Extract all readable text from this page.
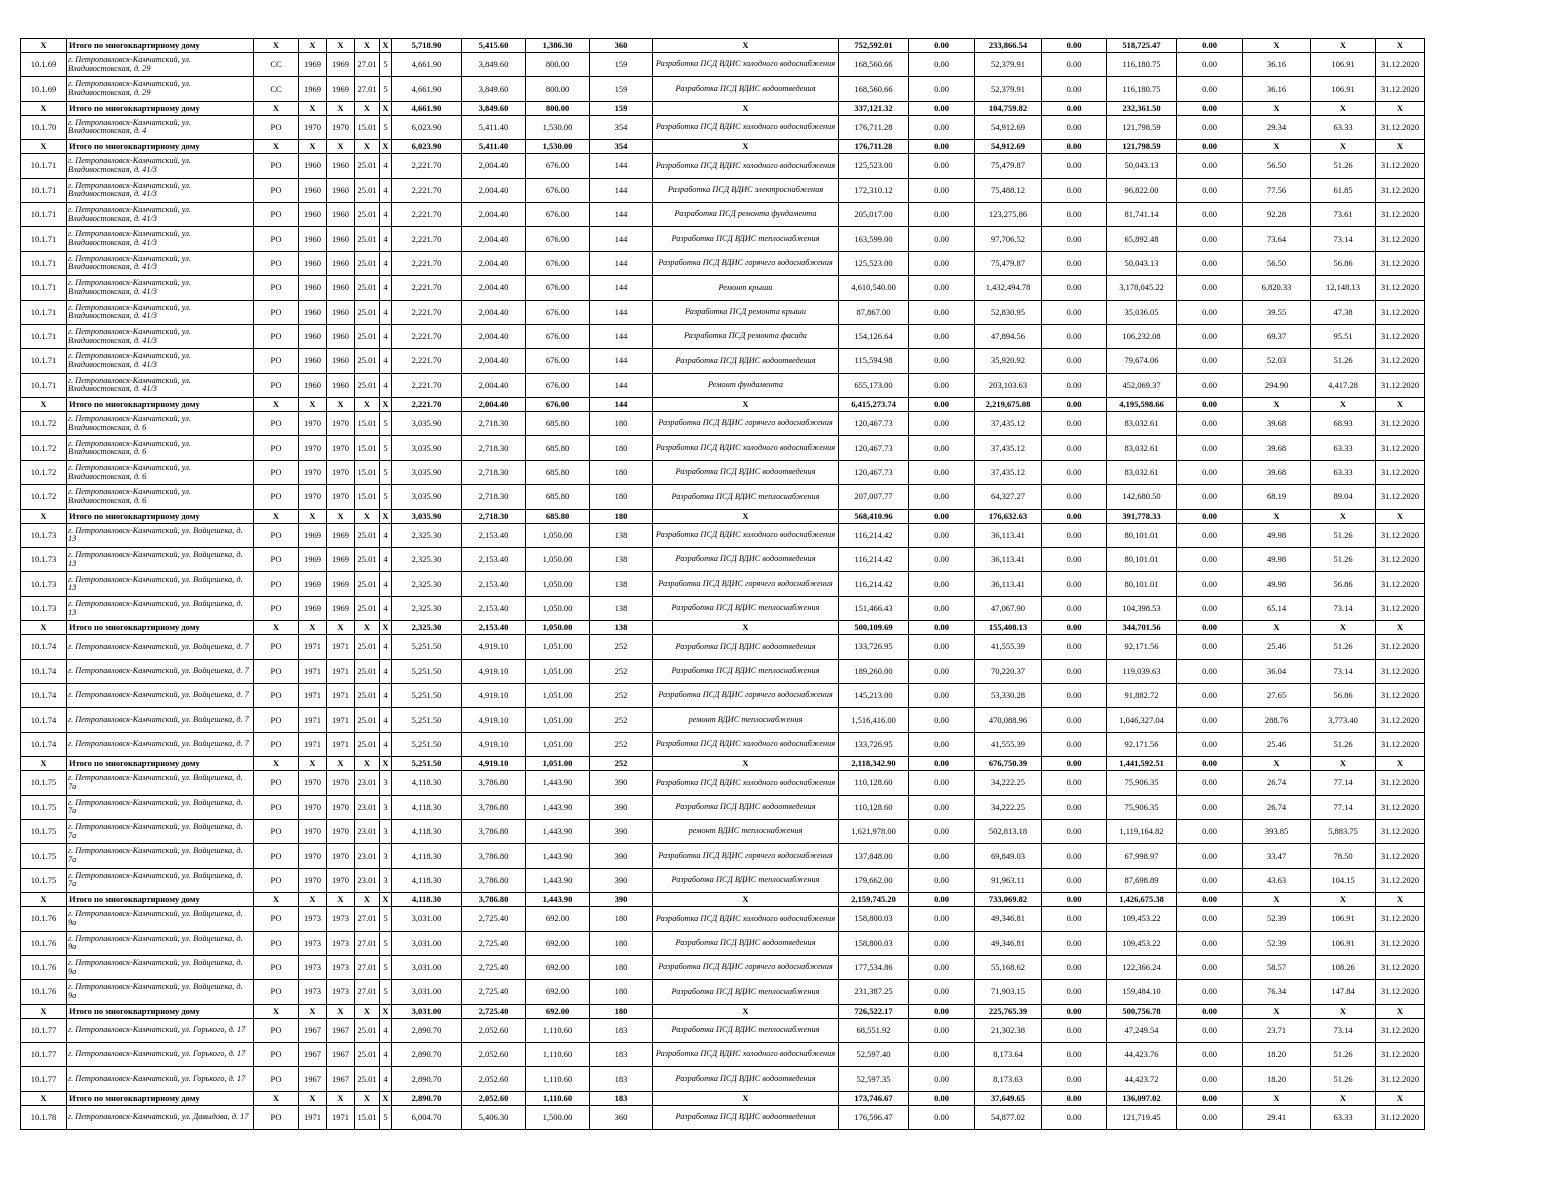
X	Итого по многоквартирному дому	X	X	X	X	X	5,718.90	5,415.60	1,386.30	360	X	752,592.01	0.00	233,866.54	0.00	518,725.47	0.00	X	X	X
10.1.69	г. Петропавловск-Камчатский, ул. Владивостокская, д. 29	СС	1969	1969	27.01	5	4,661.90	3,849.60	800.00	159	Разработка ПСД ВДИС холодного водоснабжения	168,560.66	0.00	52,379.91	0.00	116,180.75	0.00	36.16	106.91	31.12.2020
10.1.69	г. Петропавловск-Камчатский, ул. Владивостокская, д. 29	СС	1969	1969	27.01	5	4,661.90	3,849.60	800.00	159	Разработка ПСД ВДИС водоотведения	168,560.66	0.00	52,379.91	0.00	116,180.75	0.00	36.16	106.91	31.12.2020
X	Итого по многоквартирному дому	X	X	X	X	X	4,661.90	3,849.60	800.00	159	X	337,121.32	0.00	104,759.82	0.00	232,361.50	0.00	X	X	X
10.1.70	г. Петропавловск-Камчатский, ул. Владивостокская, д. 4	РО	1970	1970	15.01	5	6,023.90	5,411.40	1,530.00	354	Разработка ПСД ВДИС холодного водоснабжения	176,711.28	0.00	54,912.69	0.00	121,798.59	0.00	29.34	63.33	31.12.2020
X	Итого по многоквартирному дому	X	X	X	X	X	6,023.90	5,411.40	1,530.00	354	X	176,711.28	0.00	54,912.69	0.00	121,798.59	0.00	X	X	X
10.1.71	г. Петропавловск-Камчатский, ул. Владивостокская, д. 41/3	РО	1960	1960	25.01	4	2,221.70	2,004.40	676.00	144	Разработка ПСД ВДИС холодного водоснабжения	125,523.00	0.00	75,479.87	0.00	50,043.13	0.00	56.50	51.26	31.12.2020
10.1.71	г. Петропавловск-Камчатский, ул. Владивостокская, д. 41/3	РО	1960	1960	25.01	4	2,221.70	2,004.40	676.00	144	Разработка ПСД ВДИС электроснабжения	172,310.12	0.00	75,488.12	0.00	96,822.00	0.00	77.56	61.85	31.12.2020
10.1.71	г. Петропавловск-Камчатский, ул. Владивостокская, д. 41/3	РО	1960	1960	25.01	4	2,221.70	2,004.40	676.00	144	Разработка ПСД ремонта фундамента	205,017.00	0.00	123,275.86	0.00	81,741.14	0.00	92.28	73.61	31.12.2020
10.1.71	г. Петропавловск-Камчатский, ул. Владивостокская, д. 41/3	РО	1960	1960	25.01	4	2,221.70	2,004.40	676.00	144	Разработка ПСД ВДИС теплоснабжения	163,599.00	0.00	97,706.52	0.00	65,892.48	0.00	73.64	73.14	31.12.2020
10.1.71	г. Петропавловск-Камчатский, ул. Владивостокская, д. 41/3	РО	1960	1960	25.01	4	2,221.70	2,004.40	676.00	144	Разработка ПСД ВДИС горячего водоснабжения	125,523.00	0.00	75,479.87	0.00	50,043.13	0.00	56.50	56.86	31.12.2020
10.1.71	г. Петропавловск-Камчатский, ул. Владивостокская, д. 41/3	РО	1960	1960	25.01	4	2,221.70	2,004.40	676.00	144	Ремонт крыши	4,610,540.00	0.00	1,432,494.78	0.00	3,178,045.22	0.00	6,820.33	12,148.13	31.12.2020
10.1.71	г. Петропавловск-Камчатский, ул. Владивостокская, д. 41/3	РО	1960	1960	25.01	4	2,221.70	2,004.40	676.00	144	Разработка ПСД ремонта крыши	87,867.00	0.00	52,830.95	0.00	35,036.05	0.00	39.55	47.38	31.12.2020
10.1.71	г. Петропавловск-Камчатский, ул. Владивостокская, д. 41/3	РО	1960	1960	25.01	4	2,221.70	2,004.40	676.00	144	Разработка ПСД ремонта фасада	154,126.64	0.00	47,894.56	0.00	106,232.08	0.00	69.37	95.51	31.12.2020
10.1.71	г. Петропавловск-Камчатский, ул. Владивостокская, д. 41/3	РО	1960	1960	25.01	4	2,221.70	2,004.40	676.00	144	Разработка ПСД ВДИС водоотведения	115,594.98	0.00	35,920.92	0.00	79,674.06	0.00	52.03	51.26	31.12.2020
10.1.71	г. Петропавловск-Камчатский, ул. Владивостокская, д. 41/3	РО	1960	1960	25.01	4	2,221.70	2,004.40	676.00	144	Ремонт фундамента	655,173.00	0.00	203,103.63	0.00	452,069.37	0.00	294.90	4,417.28	31.12.2020
X	Итого по многоквартирному дому	X	X	X	X	X	2,221.70	2,004.40	676.00	144	X	6,415,273.74	0.00	2,219,675.08	0.00	4,195,598.66	0.00	X	X	X
10.1.72	г. Петропавловск-Камчатский, ул. Владивостокская, д. 6	РО	1970	1970	15.01	5	3,035.90	2,718.30	685.80	180	Разработка ПСД ВДИС горячего водоснабжения	120,467.73	0.00	37,435.12	0.00	83,032.61	0.00	39.68	68.93	31.12.2020
10.1.72	г. Петропавловск-Камчатский, ул. Владивостокская, д. 6	РО	1970	1970	15.01	5	3,035.90	2,718.30	685.80	180	Разработка ПСД ВДИС холодного водоснабжения	120,467.73	0.00	37,435.12	0.00	83,032.61	0.00	39.68	63.33	31.12.2020
10.1.72	г. Петропавловск-Камчатский, ул. Владивостокская, д. 6	РО	1970	1970	15.01	5	3,035.90	2,718.30	685.80	180	Разработка ПСД ВДИС водоотведения	120,467.73	0.00	37,435.12	0.00	83,032.61	0.00	39.68	63.33	31.12.2020
10.1.72	г. Петропавловск-Камчатский, ул. Владивостокская, д. 6	РО	1970	1970	15.01	5	3,035.90	2,718.30	685.80	180	Разработка ПСД ВДИС теплоснабжения	207,007.77	0.00	64,327.27	0.00	142,680.50	0.00	68.19	89.04	31.12.2020
X	Итого по многоквартирному дому	X	X	X	X	X	3,035.90	2,718.30	685.80	180	X	568,410.96	0.00	176,632.63	0.00	391,778.33	0.00	X	X	X
10.1.73	г. Петропавловск-Камчатский, ул. Войцешека, д. 13	РО	1969	1969	25.01	4	2,325.30	2,153.40	1,050.00	138	Разработка ПСД ВДИС холодного водоснабжения	116,214.42	0.00	36,113.41	0.00	80,101.01	0.00	49.98	51.26	31.12.2020
10.1.73	г. Петропавловск-Камчатский, ул. Войцешека, д. 13	РО	1969	1969	25.01	4	2,325.30	2,153.40	1,050.00	138	Разработка ПСД ВДИС водоотведения	116,214.42	0.00	36,113.41	0.00	80,101.01	0.00	49.98	51.26	31.12.2020
10.1.73	г. Петропавловск-Камчатский, ул. Войцешека, д. 13	РО	1969	1969	25.01	4	2,325.30	2,153.40	1,050.00	138	Разработка ПСД ВДИС горячего водоснабжения	116,214.42	0.00	36,113.41	0.00	80,101.01	0.00	49.98	56.86	31.12.2020
10.1.73	г. Петропавловск-Камчатский, ул. Войцешека, д. 13	РО	1969	1969	25.01	4	2,325.30	2,153.40	1,050.00	138	Разработка ПСД ВДИС теплоснабжения	151,466.43	0.00	47,067.90	0.00	104,398.53	0.00	65.14	73.14	31.12.2020
X	Итого по многоквартирному дому	X	X	X	X	X	2,325.30	2,153.40	1,050.00	138	X	500,109.69	0.00	155,408.13	0.00	344,701.56	0.00	X	X	X
10.1.74	г. Петропавловск-Камчатский, ул. Войцешека, д. 7	РО	1971	1971	25.01	4	5,251.50	4,919.10	1,051.00	252	Разработка ПСД ВДИС водоотведения	133,726.95	0.00	41,555.39	0.00	92,171.56	0.00	25.46	51.26	31.12.2020
10.1.74	г. Петропавловск-Камчатский, ул. Войцешека, д. 7	РО	1971	1971	25.01	4	5,251.50	4,919.10	1,051.00	252	Разработка ПСД ВДИС теплоснабжения	189,260.00	0.00	70,220.37	0.00	119,039.63	0.00	36.04	73.14	31.12.2020
10.1.74	г. Петропавловск-Камчатский, ул. Войцешека, д. 7	РО	1971	1971	25.01	4	5,251.50	4,919.10	1,051.00	252	Разработка ПСД ВДИС горячего водоснабжения	145,213.00	0.00	53,330.28	0.00	91,882.72	0.00	27.65	56.86	31.12.2020
10.1.74	г. Петропавловск-Камчатский, ул. Войцешека, д. 7	РО	1971	1971	25.01	4	5,251.50	4,919.10	1,051.00	252	ремонт ВДИС теплоснабжения	1,516,416.00	0.00	470,088.96	0.00	1,046,327.04	0.00	288.76	3,773.40	31.12.2020
10.1.74	г. Петропавловск-Камчатский, ул. Войцешека, д. 7	РО	1971	1971	25.01	4	5,251.50	4,919.10	1,051.00	252	Разработка ПСД ВДИС холодного водоснабжения	133,726.95	0.00	41,555.39	0.00	92,171.56	0.00	25.46	51.26	31.12.2020
X	Итого по многоквартирному дому	X	X	X	X	X	5,251.50	4,919.10	1,051.00	252	X	2,118,342.90	0.00	676,750.39	0.00	1,441,592.51	0.00	X	X	X
10.1.75	г. Петропавловск-Камчатский, ул. Войцешека, д. 7а	РО	1970	1970	23.01	3	4,118.30	3,786.80	1,443.90	390	Разработка ПСД ВДИС холодного водоснабжения	110,128.60	0.00	34,222.25	0.00	75,906.35	0.00	26.74	77.14	31.12.2020
10.1.75	г. Петропавловск-Камчатский, ул. Войцешека, д. 7а	РО	1970	1970	23.01	3	4,118.30	3,786.80	1,443.90	390	Разработка ПСД ВДИС водоотведения	110,128.60	0.00	34,222.25	0.00	75,906.35	0.00	26.74	77.14	31.12.2020
10.1.75	г. Петропавловск-Камчатский, ул. Войцешека, д. 7а	РО	1970	1970	23.01	3	4,118.30	3,786.80	1,443.90	390	ремонт ВДИС теплоснабжения	1,621,978.00	0.00	502,813.18	0.00	1,119,164.82	0.00	393.85	5,883.75	31.12.2020
10.1.75	г. Петропавловск-Камчатский, ул. Войцешека, д. 7а	РО	1970	1970	23.01	3	4,118.30	3,786.80	1,443.90	390	Разработка ПСД ВДИС горячего водоснабжения	137,848.00	0.00	69,849.03	0.00	67,998.97	0.00	33.47	78.50	31.12.2020
10.1.75	г. Петропавловск-Камчатский, ул. Войцешека, д. 7а	РО	1970	1970	23.01	3	4,118.30	3,786.80	1,443.90	390	Разработка ПСД ВДИС теплоснабжения	179,662.00	0.00	91,963.11	0.00	87,698.89	0.00	43.63	104.15	31.12.2020
X	Итого по многоквартирному дому	X	X	X	X	X	4,118.30	3,786.80	1,443.90	390	X	2,159,745.20	0.00	733,069.82	0.00	1,426,675.38	0.00	X	X	X
10.1.76	г. Петропавловск-Камчатский, ул. Войцешека, д. 9а	РО	1973	1973	27.01	5	3,031.00	2,725.40	692.00	180	Разработка ПСД ВДИС холодного водоснабжения	158,800.03	0.00	49,346.81	0.00	109,453.22	0.00	52.39	106.91	31.12.2020
10.1.76	г. Петропавловск-Камчатский, ул. Войцешека, д. 9а	РО	1973	1973	27.01	5	3,031.00	2,725.40	692.00	180	Разработка ПСД ВДИС водоотведения	158,800.03	0.00	49,346.81	0.00	109,453.22	0.00	52.39	106.91	31.12.2020
10.1.76	г. Петропавловск-Камчатский, ул. Войцешека, д. 9а	РО	1973	1973	27.01	5	3,031.00	2,725.40	692.00	180	Разработка ПСД ВДИС горячего водоснабжения	177,534.86	0.00	55,168.62	0.00	122,366.24	0.00	58.57	108.26	31.12.2020
10.1.76	г. Петропавловск-Камчатский, ул. Войцешека, д. 9а	РО	1973	1973	27.01	5	3,031.00	2,725.40	692.00	180	Разработка ПСД ВДИС теплоснабжения	231,387.25	0.00	71,903.15	0.00	159,484.10	0.00	76.34	147.84	31.12.2020
X	Итого по многоквартирному дому	X	X	X	X	X	3,031.00	2,725.40	692.00	180	X	726,522.17	0.00	225,765.39	0.00	500,756.78	0.00	X	X	X
10.1.77	г. Петропавловск-Камчатский, ул. Горького, д. 17	РО	1967	1967	25.01	4	2,890.70	2,052.60	1,110.60	183	Разработка ПСД ВДИС теплоснабжения	68,551.92	0.00	21,302.38	0.00	47,249.54	0.00	23.71	73.14	31.12.2020
10.1.77	г. Петропавловск-Камчатский, ул. Горького, д. 17	РО	1967	1967	25.01	4	2,890.70	2,052.60	1,110.60	183	Разработка ПСД ВДИС холодного водоснабжения	52,597.40	0.00	8,173.64	0.00	44,423.76	0.00	18.20	51.26	31.12.2020
10.1.77	г. Петропавловск-Камчатский, ул. Горького, д. 17	РО	1967	1967	25.01	4	2,890.70	2,052.60	1,110.60	183	Разработка ПСД ВДИС водоотведения	52,597.35	0.00	8,173.63	0.00	44,423.72	0.00	18.20	51.26	31.12.2020
X	Итого по многоквартирному дому	X	X	X	X	X	2,890.70	2,052.60	1,110.60	183	X	173,746.67	0.00	37,649.65	0.00	136,097.02	0.00	X	X	X
10.1.78	г. Петропавловск-Камчатский, ул. Давыдова, д. 17	РО	1971	1971	15.01	5	6,004.70	5,406.30	1,500.00	360	Разработка ПСД ВДИС водоотведения	176,596.47	0.00	54,877.02	0.00	121,719.45	0.00	29.41	63.33	31.12.2020
